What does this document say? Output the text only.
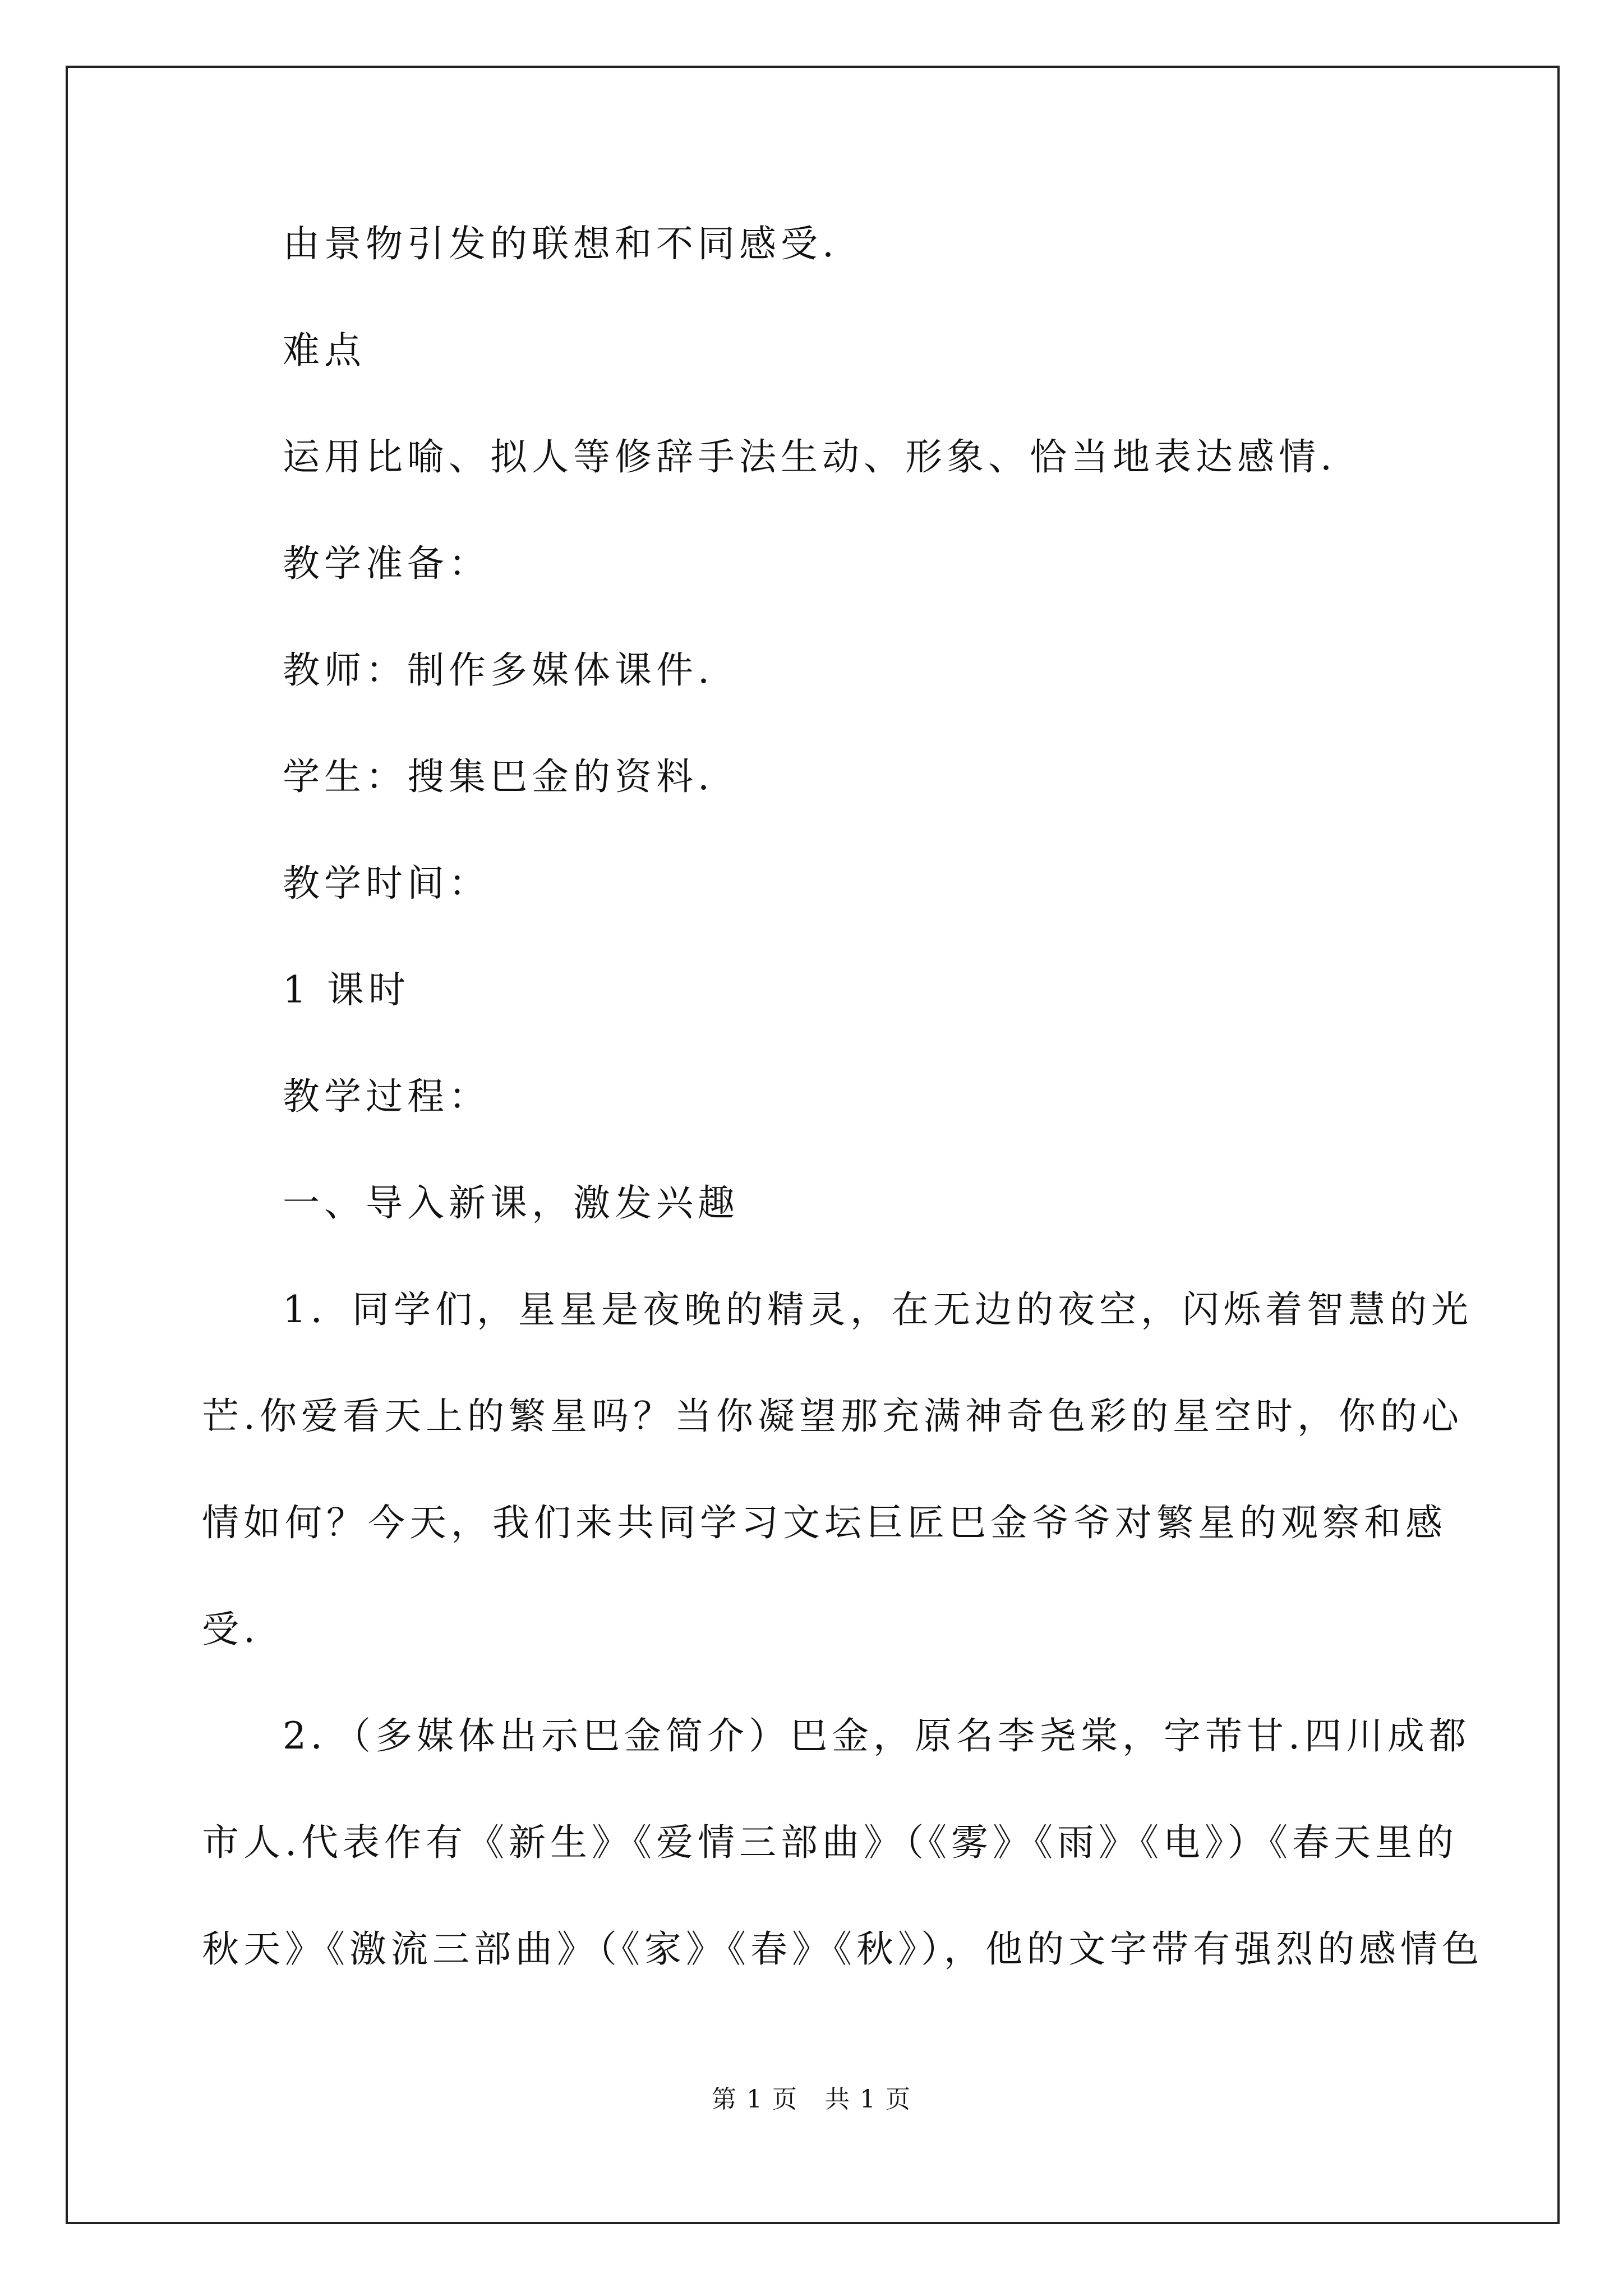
由景物引发的联想和不同感受.

难点

运用比喻、拟人等修辞手法生动、形象、恰当地表达感情.

教学准备：

教师：制作多媒体课件.

学生：搜集巴金的资料.

教学时间：

1 课时

教学过程：

一、导入新课，激发兴趣

1．同学们，星星是夜晚的精灵，在无边的夜空，闪烁着智慧的光

芒.你爱看天上的繁星吗？当你凝望那充满神奇色彩的星空时，你的心

情如何？今天，我们来共同学习文坛巨匠巴金爷爷对繁星的观察和感

受.

2．（多媒体出示巴金简介）巴金，原名李尧棠，字芾甘.四川成都

市人.代表作有《新生》《爱情三部曲》（《雾》《雨》《电》）《春天里的

秋天》《激流三部曲》（《家》《春》《秋》），他的文字带有强烈的感情色

第 1 页 共 1 页
